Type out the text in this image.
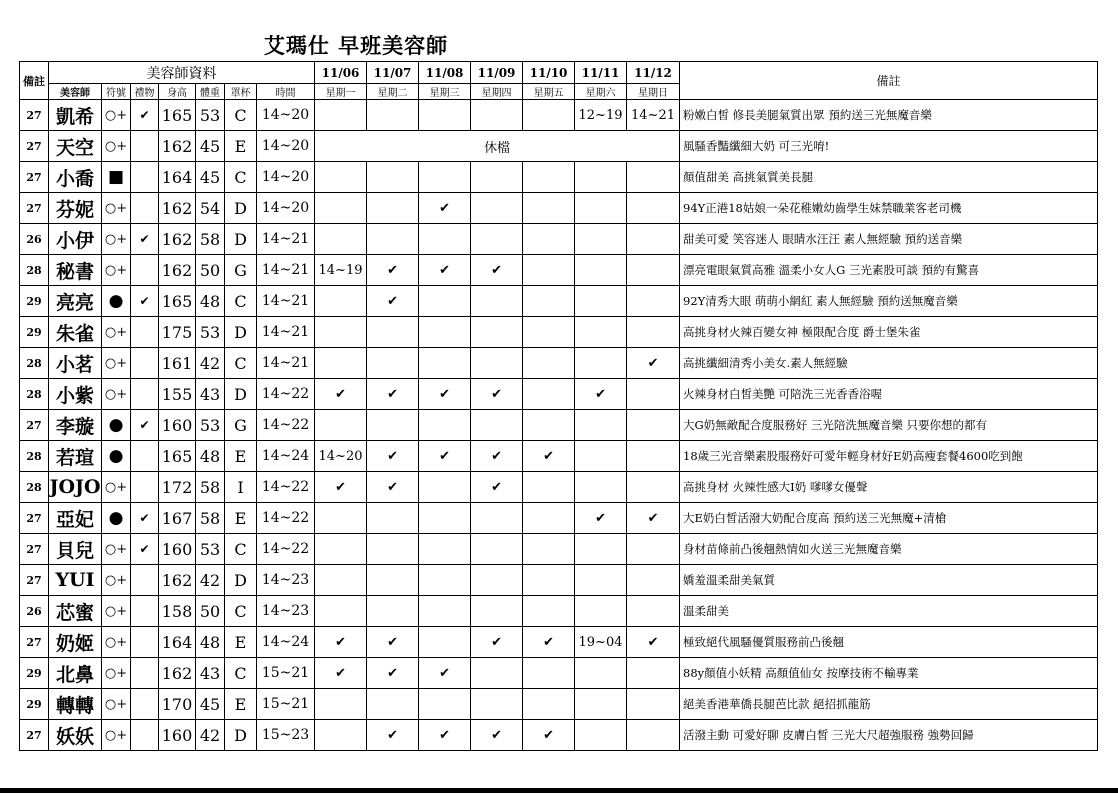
艾瑪仕 早班美容師
備註	美容師資料							11/06	11/07	11/08	11/09	11/10	11/11	11/12	備註
	美容師	符號	禮物	身高	體重	罩杯	時間	星期一	星期二	星期三	星期四	星期五	星期六	星期日	
27	凱希	○+	✔	165	53	C	14~20						12~19	14~21	粉嫩白皙 修長美腿氣質出眾 預約送三光無魔音樂
27	天空	○+		162	45	E	14~20	休檔							風騷香豔纖細大奶 可三光唷!
27	小喬	■		164	45	C	14~20								顏值甜美 高挑氣質美長腿
27	芬妮	○+		162	54	D	14~20			✔					94Y正港18姑娘一朵花稚嫩幼齒學生妹禁職業客老司機
26	小伊	○+	✔	162	58	D	14~21								甜美可愛 笑容迷人 眼睛水汪汪 素人無經驗 預約送音樂
28	秘書	○+		162	50	G	14~21	14~19	✔	✔	✔				漂亮電眼氣質高雅 溫柔小女人G 三光素股可談 預約有驚喜
29	亮亮	●	✔	165	48	C	14~21		✔						92Y清秀大眼 萌萌小網紅 素人無經驗 預約送無魔音樂
29	朱雀	○+		175	53	D	14~21								高挑身材火辣百變女神 極限配合度 爵士堡朱雀
28	小茗	○+		161	42	C	14~21							✔	高挑纖細清秀小美女.素人無經驗
28	小紫	○+		155	43	D	14~22	✔	✔	✔	✔		✔		火辣身材白皙美艷 可陪洗三光香香浴喔
27	李璇	●	✔	160	53	G	14~22								大G奶無敵配合度服務好 三光陪洗無魔音樂 只要你想的都有
28	若瑄	●		165	48	E	14~24	14~20	✔	✔	✔	✔			18歲三光音樂素股服務好可愛年輕身材好E奶高瘦套餐4600吃到飽
28	JOJO	○+		172	58	I	14~22	✔	✔		✔				高挑身材 火辣性感大I奶 嗲嗲女優聲
27	亞妃	●	✔	167	58	E	14~22						✔	✔	大E奶白皙活潑大奶配合度高 預約送三光無魔+清槍
27	貝兒	○+	✔	160	53	C	14~22								身材苗條前凸後翹熱情如火送三光無魔音樂
27	YUI	○+		162	42	D	14~23								嬌羞溫柔甜美氣質
26	芯蜜	○+		158	50	C	14~23								溫柔甜美
27	奶姬	○+		164	48	E	14~24	✔	✔		✔	✔	19~04	✔	極致絕代風騷優質服務前凸後翹
29	北鼻	○+		162	43	C	15~21	✔	✔	✔					88y顏值小妖精 高顏值仙女 按摩技術不輸專業
29	轉轉	○+		170	45	E	15~21								絕美香港華僑長腿芭比款 絕招抓龍筋
27	妖妖	○+		160	42	D	15~23		✔	✔	✔	✔			活潑主動 可愛好聊 皮膚白皙 三光大尺超強服務 強勢回歸
